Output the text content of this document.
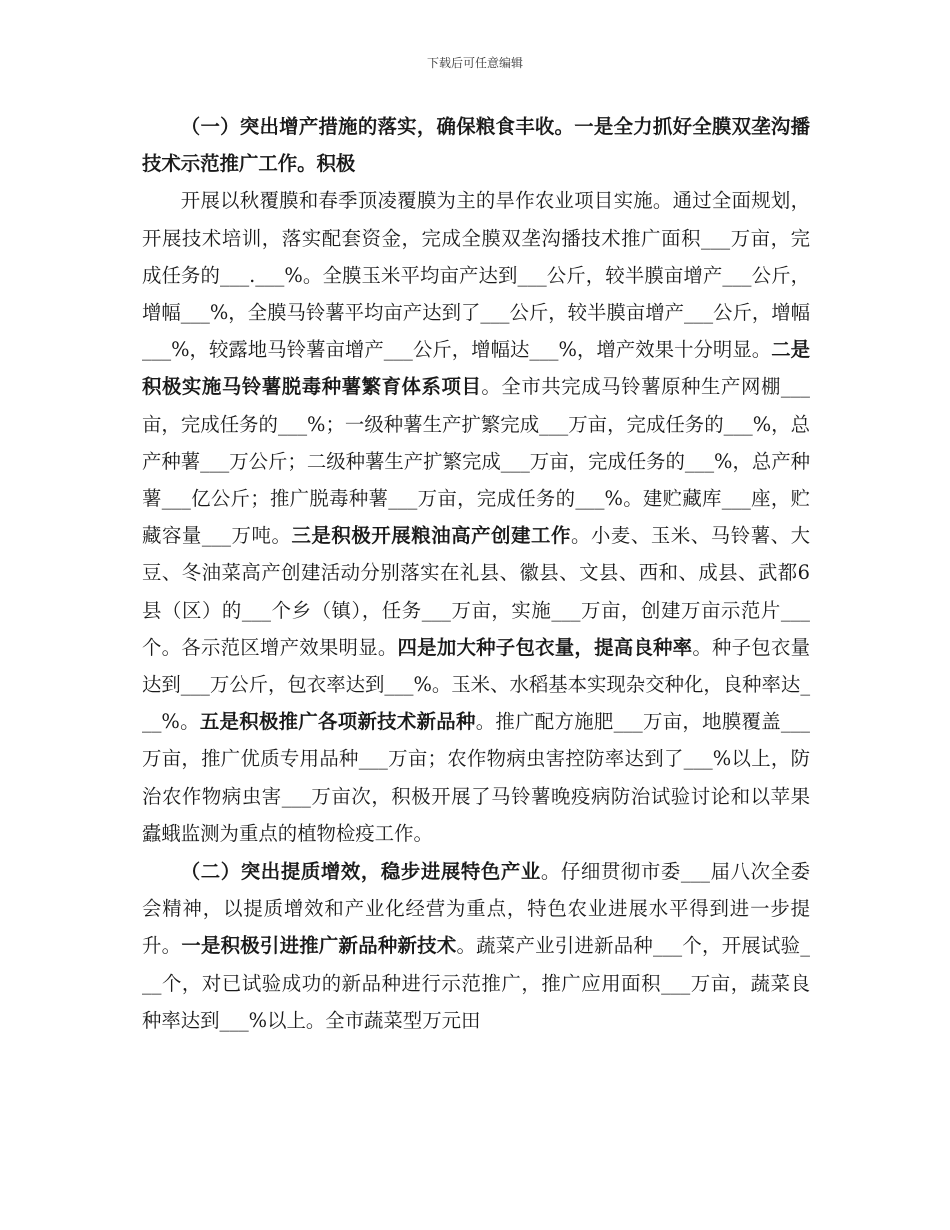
下载后可任意编辑

（一）突出增产措施的落实，确保粮食丰收。一是全力抓好全膜双垄沟播技术示范推广工作。积极

开展以秋覆膜和春季顶凌覆膜为主的旱作农业项目实施。通过全面规划，开展技术培训，落实配套资金，完成全膜双垄沟播技术推广面积___万亩，完成任务的___.___%。全膜玉米平均亩产达到___公斤，较半膜亩增产___公斤，增幅___%，全膜马铃薯平均亩产达到了___公斤，较半膜亩增产___公斤，增幅___%，较露地马铃薯亩增产___公斤，增幅达___%，增产效果十分明显。二是积极实施马铃薯脱毒种薯繁育体系项目。全市共完成马铃薯原种生产网棚___亩，完成任务的___%；一级种薯生产扩繁完成___万亩，完成任务的___%，总产种薯___万公斤；二级种薯生产扩繁完成___万亩，完成任务的___%，总产种薯___亿公斤；推广脱毒种薯___万亩，完成任务的___%。建贮藏库___座，贮藏容量___万吨。三是积极开展粮油高产创建工作。小麦、玉米、马铃薯、大豆、冬油菜高产创建活动分别落实在礼县、徽县、文县、西和、成县、武都6县（区）的___个乡（镇），任务___万亩，实施___万亩，创建万亩示范片___个。各示范区增产效果明显。四是加大种子包衣量，提高良种率。种子包衣量达到___万公斤，包衣率达到___%。玉米、水稻基本实现杂交种化，良种率达___%。五是积极推广各项新技术新品种。推广配方施肥___万亩，地膜覆盖___万亩，推广优质专用品种___万亩；农作物病虫害控防率达到了___%以上，防治农作物病虫害___万亩次，积极开展了马铃薯晚疫病防治试验讨论和以苹果蠹蛾监测为重点的植物检疫工作。

（二）突出提质增效，稳步进展特色产业。仔细贯彻市委___届八次全委会精神，以提质增效和产业化经营为重点，特色农业进展水平得到进一步提升。一是积极引进推广新品种新技术。蔬菜产业引进新品种___个，开展试验___个，对已试验成功的新品种进行示范推广，推广应用面积___万亩，蔬菜良种率达到___%以上。全市蔬菜型万元田
